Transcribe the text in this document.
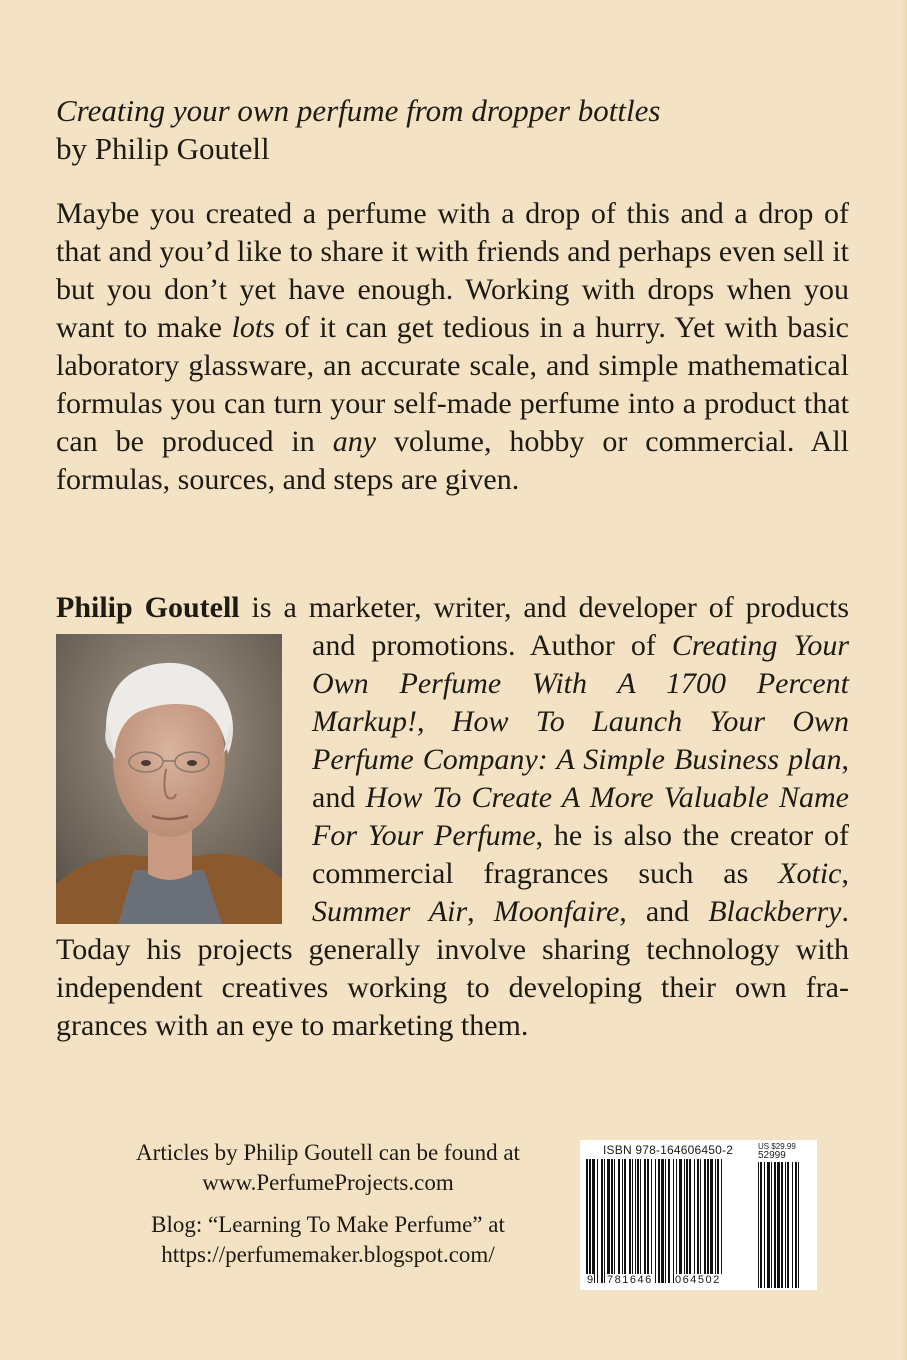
Creating your own perfume from dropper bottles
by Philip Goutell

Maybe you created a perfume with a drop of this and a drop of that and you’d like to share it with friends and perhaps even sell it but you don’t yet have enough. Working with drops when you want to make lots of it can get tedious in a hurry. Yet with basic laboratory glassware, an accurate scale, and simple mathematical formulas you can turn your self-made perfume into a product that can be produced in any volume, hobby or commercial. All formulas, sources, and steps are given.

Philip Goutell is a marketer, writer, and developer of products and promotions. Author of
Creating Your Own Perfume With A 1700 Percent Markup!, How To Launch Your Own Perfume Company: A Simple Business plan, and How To Create A More Valuable Name For Your Perfume, he is also the creator of commercial fragrances such as Xotic, Summer Air, Moonfaire, and Blackberry. Today his projects generally involve sharing technology with independent creatives working to developing their own fragrances with an eye to marketing them.
Articles by Philip Goutell can be found at
www.PerfumeProjects.com
Blog: “Learning To Make Perfume” at
https://perfumemaker.blogspot.com/
ISBN 978-164606450-2	US $29.99
52999
9 781646 064502
